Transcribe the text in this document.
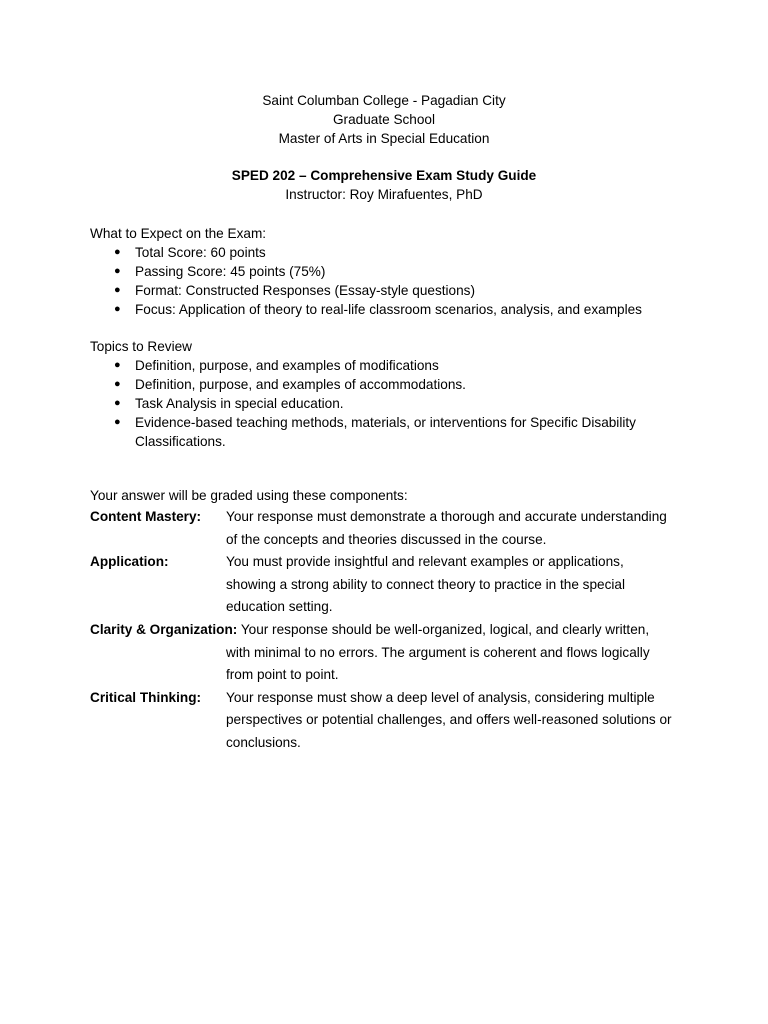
Saint Columban College - Pagadian City
Graduate School
Master of Arts in Special Education
SPED 202 – Comprehensive Exam Study Guide
Instructor: Roy Mirafuentes, PhD
What to Expect on the Exam:
● Total Score: 60 points
● Passing Score: 45 points (75%)
● Format: Constructed Responses (Essay-style questions)
● Focus: Application of theory to real-life classroom scenarios, analysis, and examples
Topics to Review
● Definition, purpose, and examples of modifications
● Definition, purpose, and examples of accommodations.
● Task Analysis in special education.
● Evidence-based teaching methods, materials, or interventions for Specific Disability Classifications.
Your answer will be graded using these components:
Content Mastery:	Your response must demonstrate a thorough and accurate understanding of the concepts and theories discussed in the course.
Application:	You must provide insightful and relevant examples or applications, showing a strong ability to connect theory to practice in the special education setting.
Clarity & Organization: Your response should be well-organized, logical, and clearly written,
with minimal to no errors. The argument is coherent and flows logically from point to point.
Critical Thinking:	Your response must show a deep level of analysis, considering multiple perspectives or potential challenges, and offers well-reasoned solutions or conclusions.
